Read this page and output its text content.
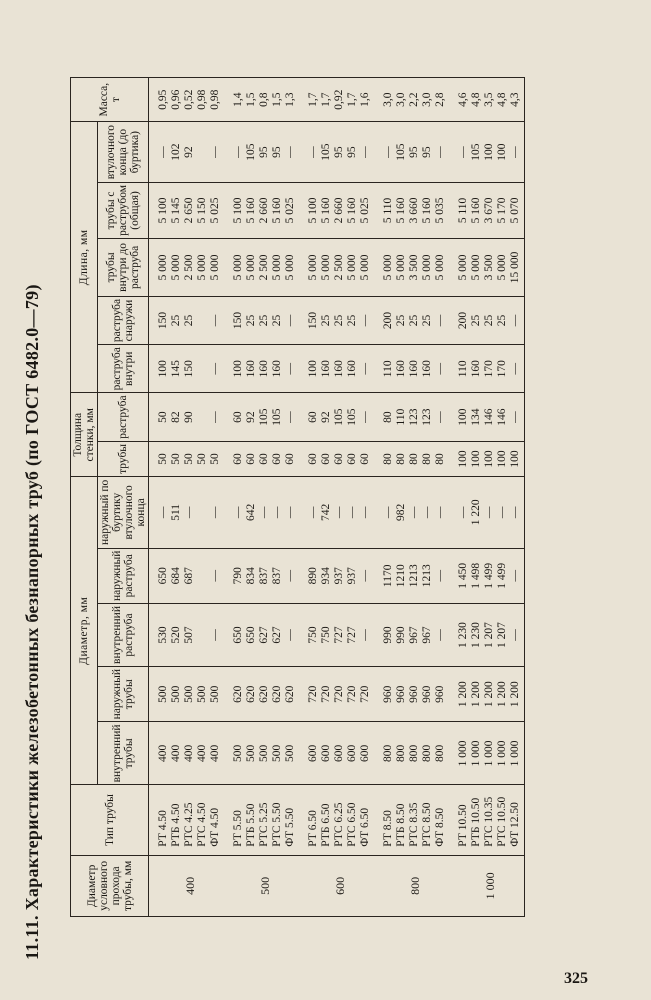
11.11. Характеристики железобетонных безнапорных труб (по ГОСТ 6482.0—79)	Диаметр условного прохода трубы, мм	Тип трубы	Диаметр, мм					Толщина стенки, мм		Длина, мм					Масса, т
		внутренний трубы	наружный трубы	внутренний раструба	наружный раструба	наружный по буртику втулочного конца	трубы	раструба	раструба внутри	раструба снаружи	трубы внутри до раструба	трубы с раструбом (общая)	втулочного конца (до буртика)	
400	РТ 4.50	400	500	530	650	—	50	50	100	150	5 000	5 100	—	0,95
	РТБ 4.50	400	500	520	684	511	50	82	145	25	5 000	5 145	102	0,96
	РТС 4.25	400	500	507	687	—	50	90	150	25	2 500	2 650	92	0,52
	РТС 4.50	400	500				50				5 000	5 150		0,98
	ФТ 4.50	400	500	—	—	—	50	—	—	—	5 000	5 025	—	0,98
500	РТ 5.50	500	620	650	790	—	60	60	100	150	5 000	5 100	—	1,4
	РТБ 5.50	500	620	650	834	642	60	92	160	25	5 000	5 160	105	1,5
	РТС 5.25	500	620	627	837	—	60	105	160	25	2 500	2 660	95	0,8
	РТС 5.50	500	620	627	837	—	60	105	160	25	5 000	5 160	95	1,5
	ФТ 5.50	500	620	—	—	—	60	—	—	—	5 000	5 025	—	1,3
600	РТ 6.50	600	720	750	890	—	60	60	100	150	5 000	5 100	—	1,7
	РТБ 6.50	600	720	750	934	742	60	92	160	25	5 000	5 160	105	1,7
	РТС 6.25	600	720	727	937	—	60	105	160	25	2 500	2 660	95	0,92
	РТС 6.50	600	720	727	937	—	60	105	160	25	5 000	5 160	95	1,7
	ФТ 6.50	600	720	—	—	—	60	—	—	—	5 000	5 025	—	1,6
800	РТ 8.50	800	960	990	1170	—	80	80	110	200	5 000	5 110	—	3,0
	РТБ 8.50	800	960	990	1210	982	80	110	160	25	5 000	5 160	105	3,0
	РТС 8.35	800	960	967	1213	—	80	123	160	25	3 500	3 660	95	2,2
	РТС 8.50	800	960	967	1213	—	80	123	160	25	5 000	5 160	95	3,0
	ФТ 8.50	800	960	—	—	—	80	—	—	—	5 000	5 035	—	2,8
1 000	РТ 10.50	1 000	1 200	1 230	1 450	—	100	100	110	200	5 000	5 110	—	4,6
	РТБ 10.50	1 000	1 200	1 230	1 498	1 220	100	134	160	25	5 000	5 160	105	4,8
	РТС 10.35	1 000	1 200	1 207	1 499	—	100	146	170	25	3 500	3 670	100	3,5
	РТС 10.50	1 000	1 200	1 207	1 499	—	100	146	170	25	5 000	5 170	100	4,8
	ФТ 12.50	1 000	1 200	—	—	—	100	—	—	—	15 000	5 070	—	4,3
325
